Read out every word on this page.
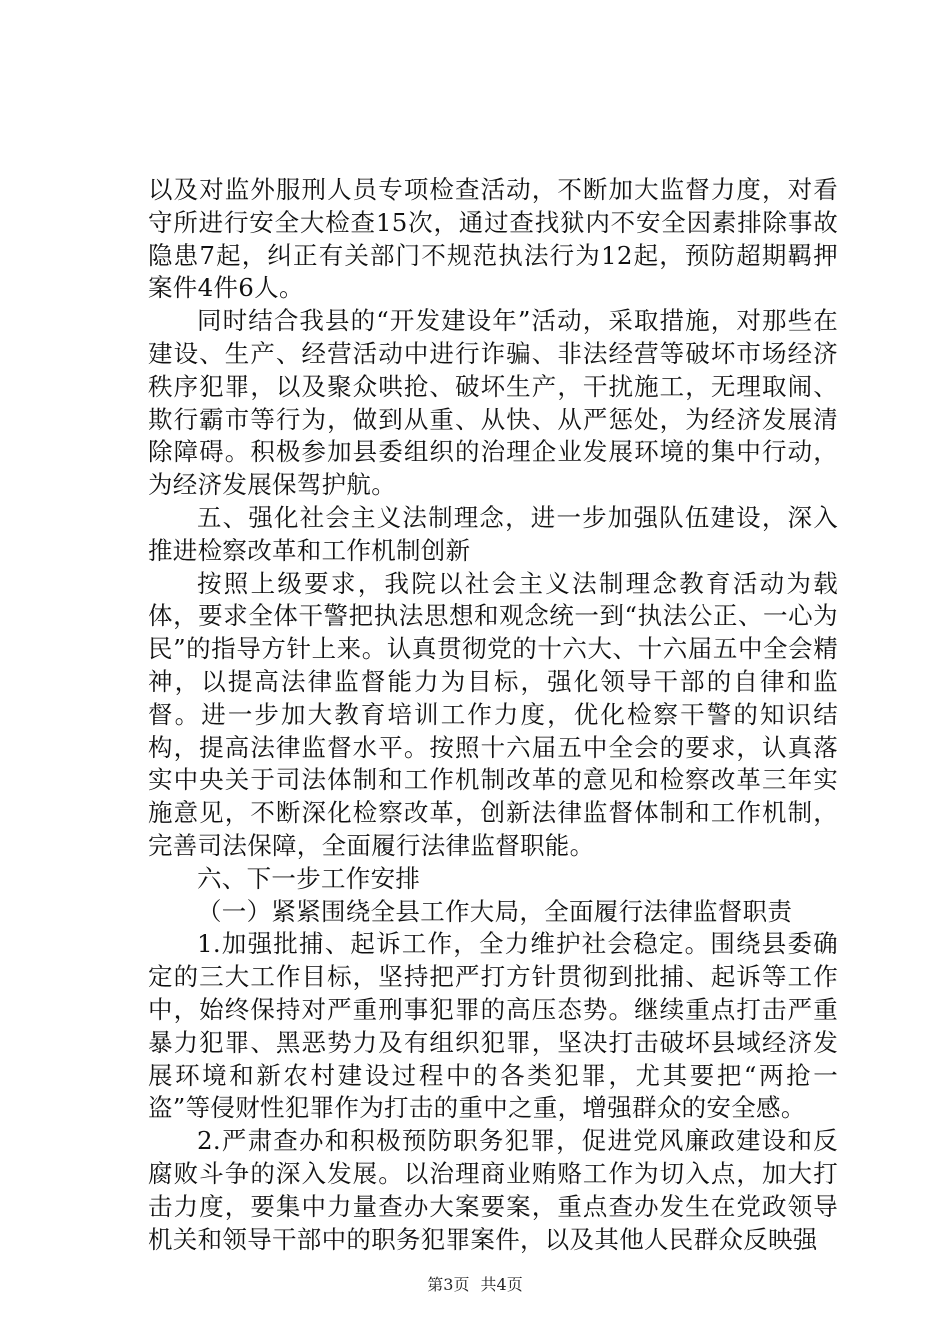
以及对监外服刑人员专项检查活动，不断加大监督力度，对看守所进行安全大检查15次，通过查找狱内不安全因素排除事故隐患7起，纠正有关部门不规范执法行为12起，预防超期羁押案件4件6人。

同时结合我县的“开发建设年”活动，采取措施，对那些在建设、生产、经营活动中进行诈骗、非法经营等破坏市场经济秩序犯罪，以及聚众哄抢、破坏生产，干扰施工，无理取闹、欺行霸市等行为，做到从重、从快、从严惩处，为经济发展清除障碍。积极参加县委组织的治理企业发展环境的集中行动，为经济发展保驾护航。

五、强化社会主义法制理念，进一步加强队伍建设，深入推进检察改革和工作机制创新

按照上级要求，我院以社会主义法制理念教育活动为载体，要求全体干警把执法思想和观念统一到“执法公正、一心为民”的指导方针上来。认真贯彻党的十六大、十六届五中全会精神，以提高法律监督能力为目标，强化领导干部的自律和监督。进一步加大教育培训工作力度，优化检察干警的知识结构，提高法律监督水平。按照十六届五中全会的要求，认真落实中央关于司法体制和工作机制改革的意见和检察改革三年实施意见，不断深化检察改革，创新法律监督体制和工作机制，完善司法保障，全面履行法律监督职能。

六、下一步工作安排

（一）紧紧围绕全县工作大局，全面履行法律监督职责

1.加强批捕、起诉工作，全力维护社会稳定。围绕县委确定的三大工作目标，坚持把严打方针贯彻到批捕、起诉等工作中，始终保持对严重刑事犯罪的高压态势。继续重点打击严重暴力犯罪、黑恶势力及有组织犯罪，坚决打击破坏县域经济发展环境和新农村建设过程中的各类犯罪，尤其要把“两抢一盗”等侵财性犯罪作为打击的重中之重，增强群众的安全感。

2.严肃查办和积极预防职务犯罪，促进党风廉政建设和反腐败斗争的深入发展。以治理商业贿赂工作为切入点，加大打击力度，要集中力量查办大案要案，重点查办发生在党政领导机关和领导干部中的职务犯罪案件，以及其他人民群众反映强

第3页 共4页
